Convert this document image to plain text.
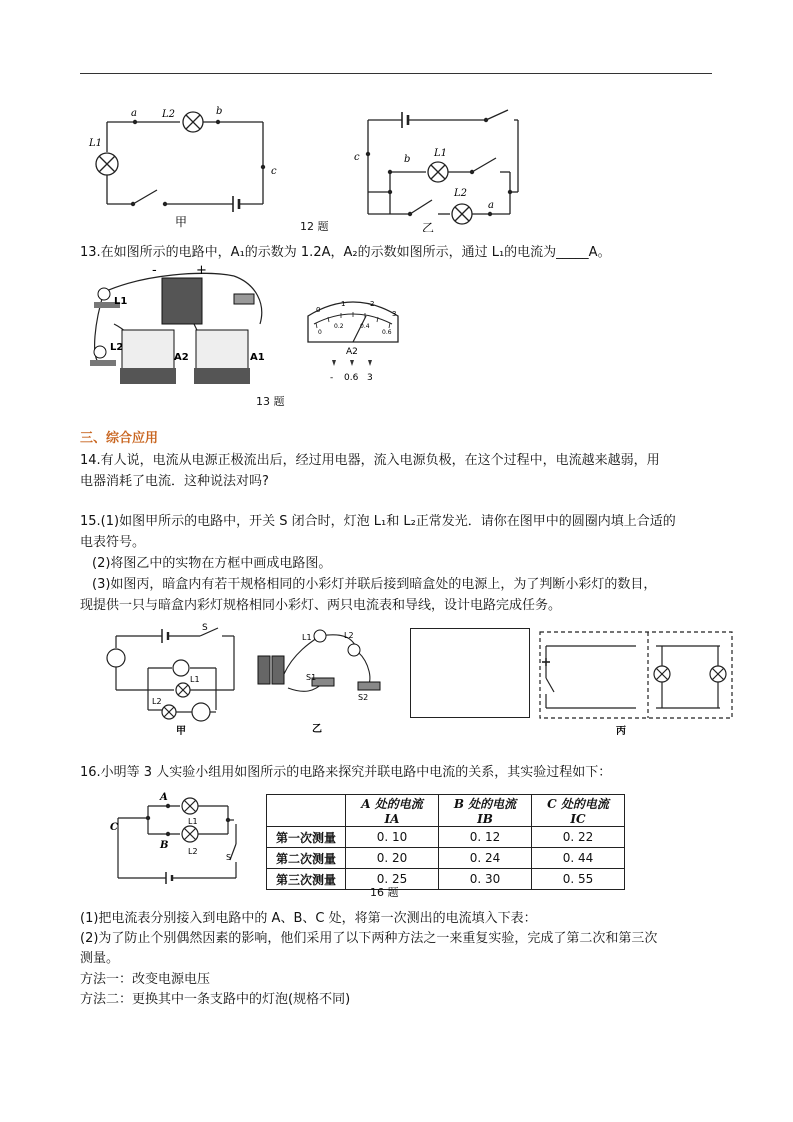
a	L2	b
L1
c
甲	12 题
c	b
L1
L2
a
乙
13.在如图所示的电路中，A₁的示数为 1.2A，A₂的示数如图所示，通过 L₁的电流为_____A。
-	+
L1
L2
A2	A1
0
1	2
3
0
0.2	0.4
0.6
A2
- 0.6 3
13 题
三、综合应用
14.有人说，电流从电源正极流出后，经过用电器，流入电源负极，在这个过程中，电流越来越弱，用
电器消耗了电流．这种说法对吗?
15.(1)如图甲所示的电路中，开关 S 闭合时，灯泡 L₁和 L₂正常发光．请你在图甲中的圆圈内填上合适的
电表符号。
(2)将图乙中的实物在方框中画成电路图。
(3)如图丙，暗盒内有若干规格相同的小彩灯并联后接到暗盒处的电源上，为了判断小彩灯的数目，
现提供一只与暗盒内彩灯规格相同小彩灯、两只电流表和导线，设计电路完成任务。
S
L1
L2
甲
L1	L2
S1
S2
乙	丙
16.小明等 3 人实验小组用如图所示的电路来探究并联电路中电流的关系，其实验过程如下：
A
B
C
L1
L2
S
	A 处的电流 IA	B 处的电流 IB	C 处的电流 IC
第一次测量	0. 10	0. 12	0. 22
第二次测量	0. 20	0. 24	0. 44
第三次测量	0. 25	0. 30	0. 55
16 题
(1)把电流表分别接入到电路中的 A、B、C 处，将第一次测出的电流填入下表：
(2)为了防止个别偶然因素的影响，他们采用了以下两种方法之一来重复实验，完成了第二次和第三次
测量。
方法一：改变电源电压
方法二：更换其中一条支路中的灯泡(规格不同)
